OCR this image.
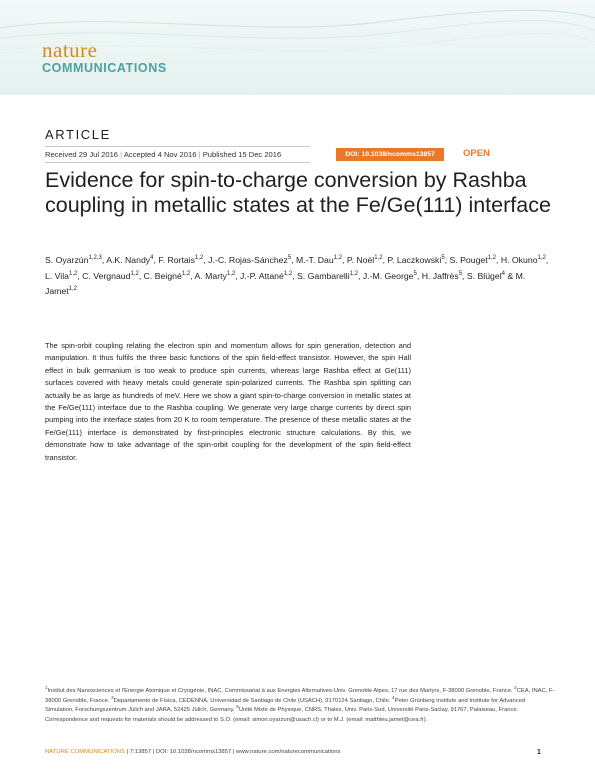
nature
COMMUNICATIONS
ARTICLE
Received 29 Jul 2016 | Accepted 4 Nov 2016 | Published 15 Dec 2016	DOI: 10.1038/ncomms13857	OPEN
Evidence for spin-to-charge conversion by Rashba coupling in metallic states at the Fe/Ge(111) interface

S. Oyarzún$^{1,2,3}$, A.K. Nandy$^4$, F. Rortais$^{1,2}$, J.-C. Rojas-Sánchez$^5$, M.-T. Dau$^{1,2}$, P. Noël$^{1,2}$, P. Laczkowski$^5$, S. Pouget$^{1,2}$, H. Okuno$^{1,2}$, L. Vila$^{1,2}$, C. Vergnaud$^{1,2}$, C. Beigné$^{1,2}$, A. Marty$^{1,2}$, J.-P. Attané$^{1,2}$, S. Gambarelli$^{1,2}$, J.-M. George$^5$, H. Jaffrès$^5$, S. Blügel$^4$ & M. Jamet$^{1,2}$

The spin-orbit coupling relating the electron spin and momentum allows for spin generation, detection and manipulation. It thus fulfils the three basic functions of the spin field-effect transistor. However, the spin Hall effect in bulk germanium is too weak to produce spin currents, whereas large Rashba effect at Ge(111) surfaces covered with heavy metals could generate spin-polarized currents. The Rashba spin splitting can actually be as large as hundreds of meV. Here we show a giant spin-to-charge conversion in metallic states at the Fe/Ge(111) interface due to the Rashba coupling. We generate very large charge currents by direct spin pumping into the interface states from 20 K to room temperature. The presence of these metallic states at the Fe/Ge(111) interface is demonstrated by first-principles electronic structure calculations. By this, we demonstrate how to take advantage of the spin-orbit coupling for the development of the spin field-effect transistor.

$^1$Institut des Nanosciences et l'Energie Atomique et Cryogénie, INAC, Commissariat à aux Energies Alternatives-Univ. Grenoble Alpes, 17 rue des Martyrs, F-38000 Grenoble, France. $^2$CEA, INAC, F-38000 Grenoble, France. $^3$Departamento de Física, CEDENNA, Universidad de Santiago de Chile (USACH), 9170124 Santiago, Chile. $^4$Peter Grünberg Institute and Institute for Advanced Simulation, Forschungszentrum Jülich and JARA, 52425 Jülich, Germany. $^5$Unité Mixte de Physique, CNRS, Thales, Univ. Paris-Sud, Université Paris-Saclay, 91767, Palaiseau, France. Correspondence and requests for materials should be addressed to S.O. (email: simon.oyarzun@usach.cl) or to M.J. (email: matthieu.jamet@cea.fr).

NATURE COMMUNICATIONS | 7:13857 | DOI: 10.1038/ncomms13857 | www.nature.com/naturecommunications	1
